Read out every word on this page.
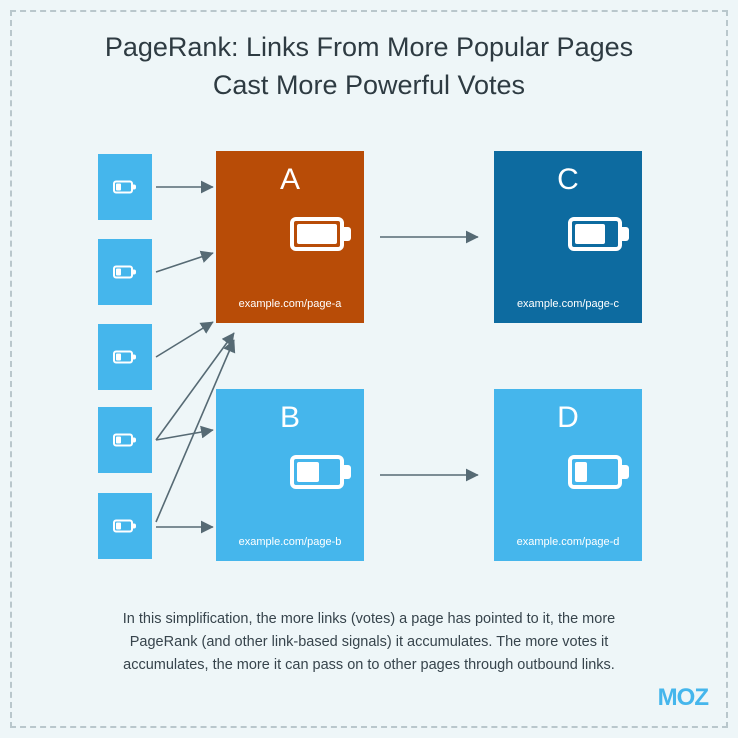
PageRank: Links From More Popular Pages
Cast More Powerful Votes
A
example.com/page-a
C
example.com/page-c
B
example.com/page-b
D
example.com/page-d
In this simplification, the more links (votes) a page has pointed to it, the more
PageRank (and other link-based signals) it accumulates. The more votes it
accumulates, the more it can pass on to other pages through outbound links.
MOZ
